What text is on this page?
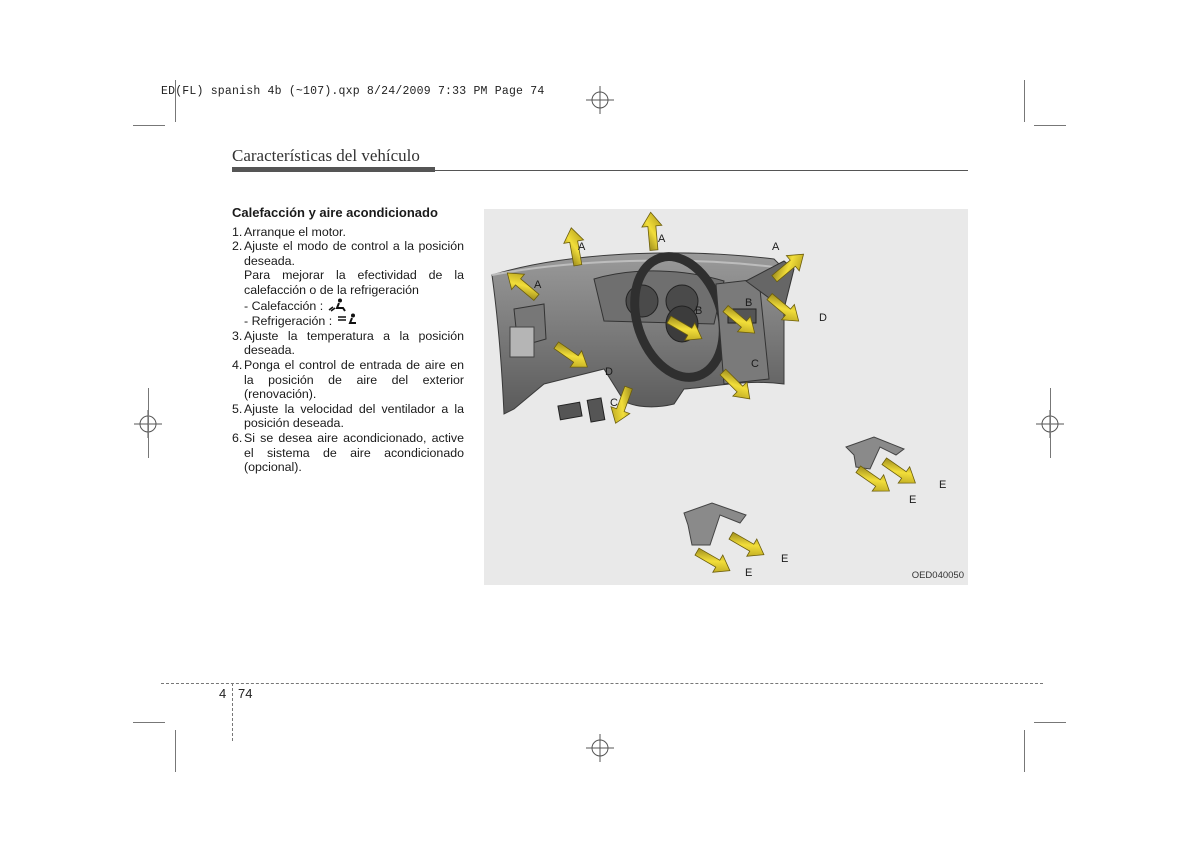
ED(FL) spanish 4b (~107).qxp 8/24/2009 7:33 PM Page 74
Características del vehículo
Calefacción y aire acondicionado
1. Arranque el motor.
2. Ajuste el modo de control a la posición deseada.
Para mejorar la efectividad de la calefacción o de la refrigeración
- Calefacción :
- Refrigeración :
3. Ajuste la temperatura a la posición deseada.
4. Ponga el control de entrada de aire en la posición de aire del exterior (renovación).
5. Ajuste la velocidad del ventilador a la posición deseada.
6. Si se desea aire acondicionado, active el sistema de aire acondicionado (opcional).
A
A
A
A
B
B
C
C
D
D
E
E
E
E	OED040050
4 74
